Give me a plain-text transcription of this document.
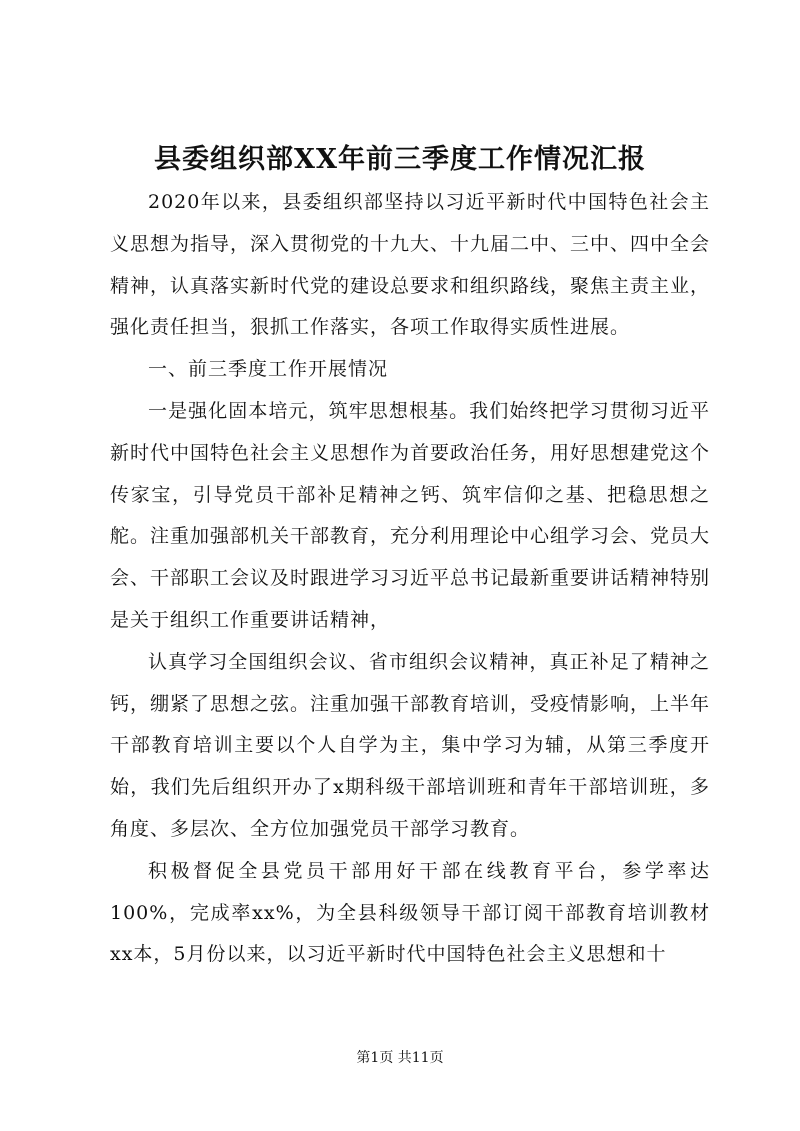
县委组织部XX年前三季度工作情况汇报

2020年以来，县委组织部坚持以习近平新时代中国特色社会主义思想为指导，深入贯彻党的十九大、十九届二中、三中、四中全会精神，认真落实新时代党的建设总要求和组织路线，聚焦主责主业，强化责任担当，狠抓工作落实，各项工作取得实质性进展。

一、前三季度工作开展情况

一是强化固本培元，筑牢思想根基。我们始终把学习贯彻习近平新时代中国特色社会主义思想作为首要政治任务，用好思想建党这个传家宝，引导党员干部补足精神之钙、筑牢信仰之基、把稳思想之舵。注重加强部机关干部教育，充分利用理论中心组学习会、党员大会、干部职工会议及时跟进学习习近平总书记最新重要讲话精神特别是关于组织工作重要讲话精神，

认真学习全国组织会议、省市组织会议精神，真正补足了精神之钙，绷紧了思想之弦。注重加强干部教育培训，受疫情影响，上半年干部教育培训主要以个人自学为主，集中学习为辅，从第三季度开始，我们先后组织开办了x期科级干部培训班和青年干部培训班，多角度、多层次、全方位加强党员干部学习教育。

积极督促全县党员干部用好干部在线教育平台，参学率达100%，完成率xx%，为全县科级领导干部订阅干部教育培训教材xx本，5月份以来，以习近平新时代中国特色社会主义思想和十

第1页 共11页
